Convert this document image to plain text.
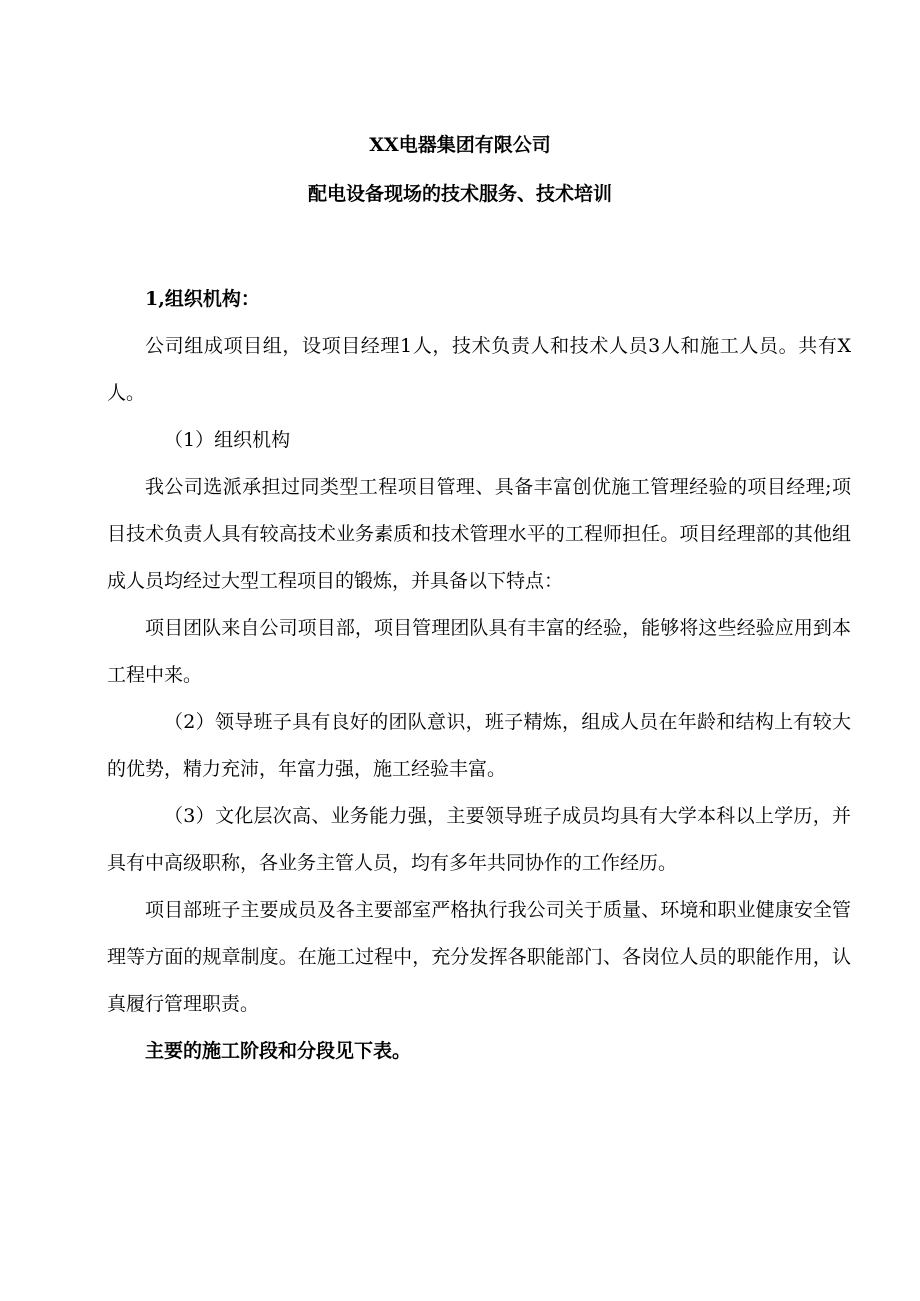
XX电器集团有限公司
配电设备现场的技术服务、技术培训

1,组织机构：

公司组成项目组，设项目经理1人，技术负责人和技术人员3人和施工人员。共有X人。

（1）组织机构

我公司选派承担过同类型工程项目管理、具备丰富创优施工管理经验的项目经理;项目技术负责人具有较高技术业务素质和技术管理水平的工程师担任。项目经理部的其他组成人员均经过大型工程项目的锻炼，并具备以下特点：

项目团队来自公司项目部，项目管理团队具有丰富的经验，能够将这些经验应用到本工程中来。

（2）领导班子具有良好的团队意识，班子精炼，组成人员在年龄和结构上有较大的优势，精力充沛，年富力强，施工经验丰富。

（3）文化层次高、业务能力强，主要领导班子成员均具有大学本科以上学历，并具有中高级职称，各业务主管人员，均有多年共同协作的工作经历。

项目部班子主要成员及各主要部室严格执行我公司关于质量、环境和职业健康安全管理等方面的规章制度。在施工过程中，充分发挥各职能部门、各岗位人员的职能作用，认真履行管理职责。

主要的施工阶段和分段见下表。
